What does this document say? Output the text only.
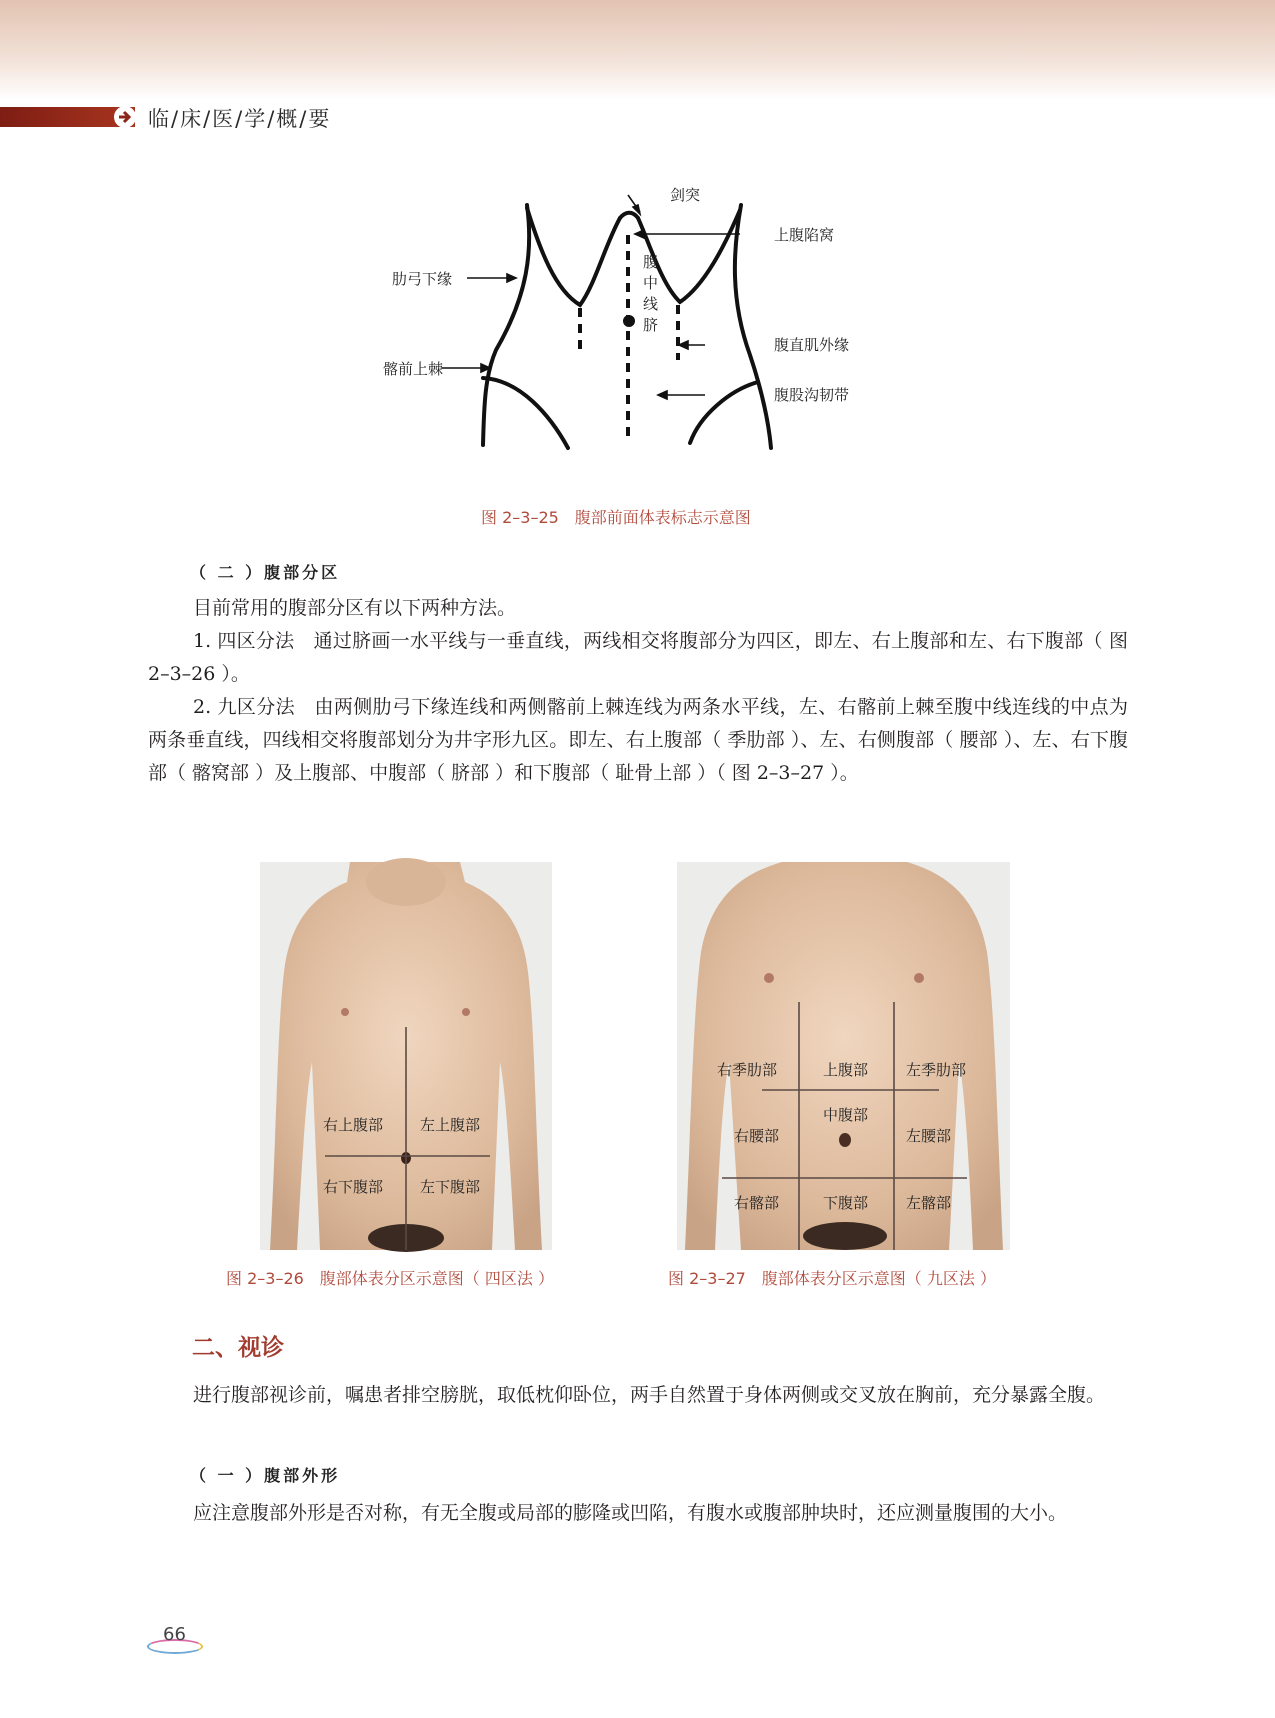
临/床/医/学/概/要
剑突
上腹陷窝
肋弓下缘
腹
中
线
脐
腹直肌外缘
髂前上棘
腹股沟韧带
图 2–3–25　腹部前面体表标志示意图
（ 二 ）腹部分区

目前常用的腹部分区有以下两种方法。

1. 四区分法　通过脐画一水平线与一垂直线，两线相交将腹部分为四区，即左、右上腹部和左、右下腹部（ 图 2–3–26 ）。

2. 九区分法　由两侧肋弓下缘连线和两侧髂前上棘连线为两条水平线，左、右髂前上棘至腹中线连线的中点为两条垂直线，四线相交将腹部划分为井字形九区。即左、右上腹部（ 季肋部 ）、左、右侧腹部（ 腰部 ）、左、右下腹部（ 髂窝部 ）及上腹部、中腹部（ 脐部 ）和下腹部（ 耻骨上部 ）（ 图 2–3–27 ）。

右上腹部 左上腹部
右下腹部 左下腹部
图 2–3–26　腹部体表分区示意图（ 四区法 ）
右季肋部	上腹部	左季肋部
中腹部
右腰部	左腰部
右髂部	下腹部	左髂部
图 2–3–27　腹部体表分区示意图（ 九区法 ）
二、视诊

进行腹部视诊前，嘱患者排空膀胱，取低枕仰卧位，两手自然置于身体两侧或交叉放在胸前，充分暴露全腹。

（ 一 ）腹部外形

应注意腹部外形是否对称，有无全腹或局部的膨隆或凹陷，有腹水或腹部肿块时，还应测量腹围的大小。

66
